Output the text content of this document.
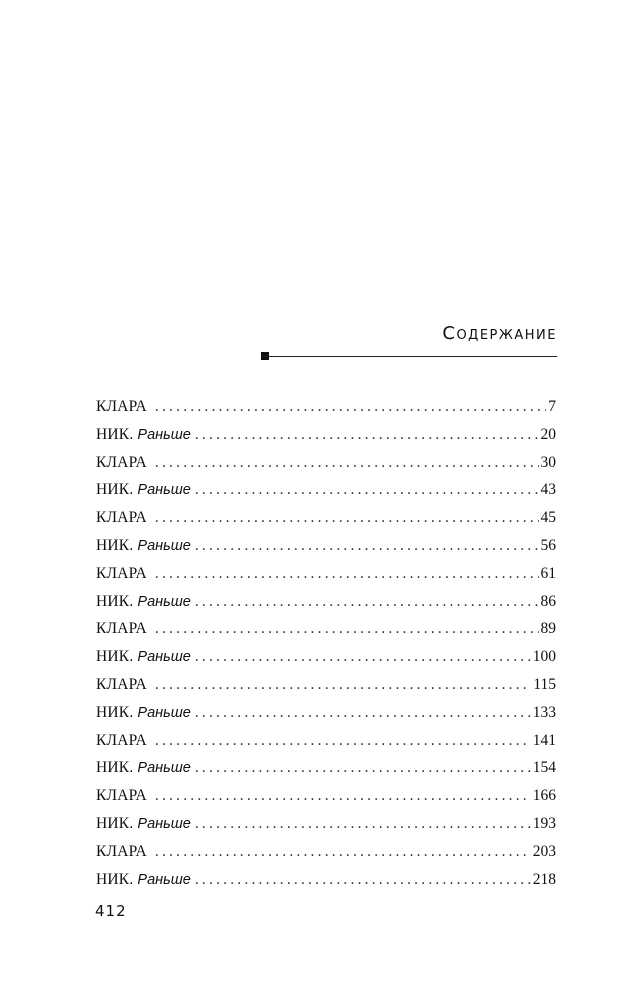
Содержание
КЛАРА .....	7
НИК. Раньше .....	20
КЛАРА .....	30
НИК. Раньше .....	43
КЛАРА .....	45
НИК. Раньше .....	56
КЛАРА .....	61
НИК. Раньше .....	86
КЛАРА .....	89
НИК. Раньше .....	100
КЛАРА .....	115
НИК. Раньше .....	133
КЛАРА .....	141
НИК. Раньше .....	154
КЛАРА .....	166
НИК. Раньше .....	193
КЛАРА .....	203
НИК. Раньше .....	218
412
